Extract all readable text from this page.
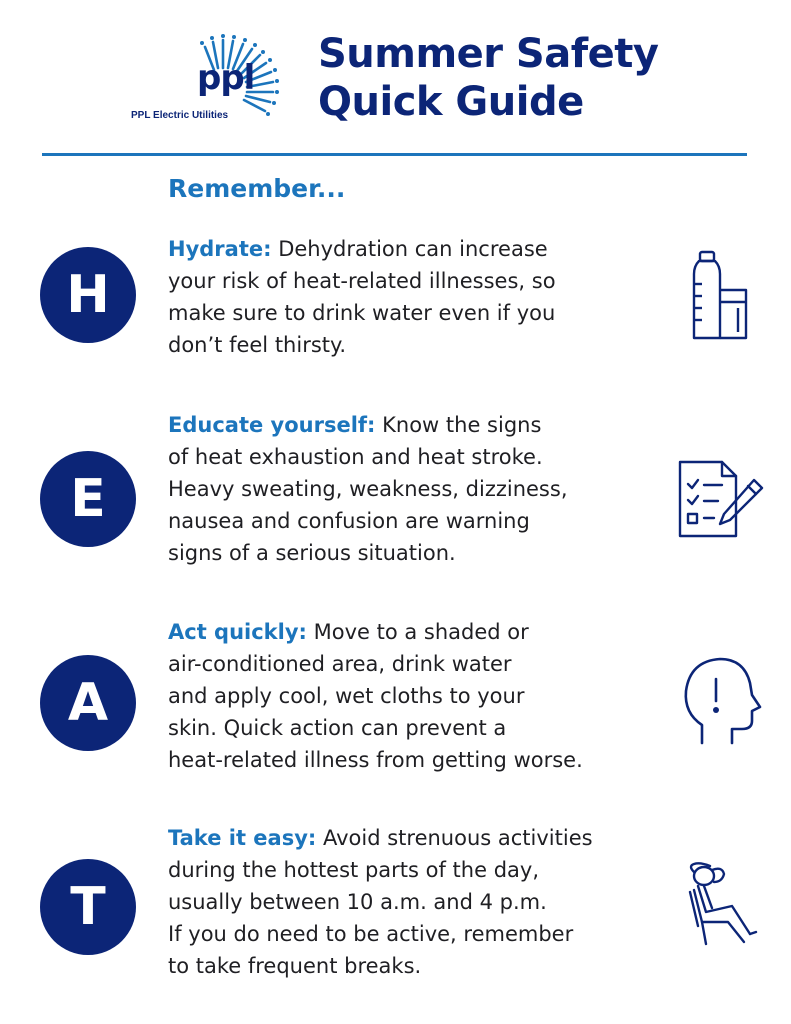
ppl
PPL Electric Utilities
Summer Safety
Quick Guide
Remember...
H

Hydrate: Dehydration can increase
your risk of heat-related illnesses, so
make sure to drink water even if you
don’t feel thirsty.

E

Educate yourself: Know the signs
of heat exhaustion and heat stroke.
Heavy sweating, weakness, dizziness,
nausea and confusion are warning
signs of a serious situation.

A

Act quickly: Move to a shaded or
air-conditioned area, drink water
and apply cool, wet cloths to your
skin. Quick action can prevent a
heat-related illness from getting worse.

T

Take it easy: Avoid strenuous activities
during the hottest parts of the day,
usually between 10 a.m. and 4 p.m.
If you do need to be active, remember
to take frequent breaks.
